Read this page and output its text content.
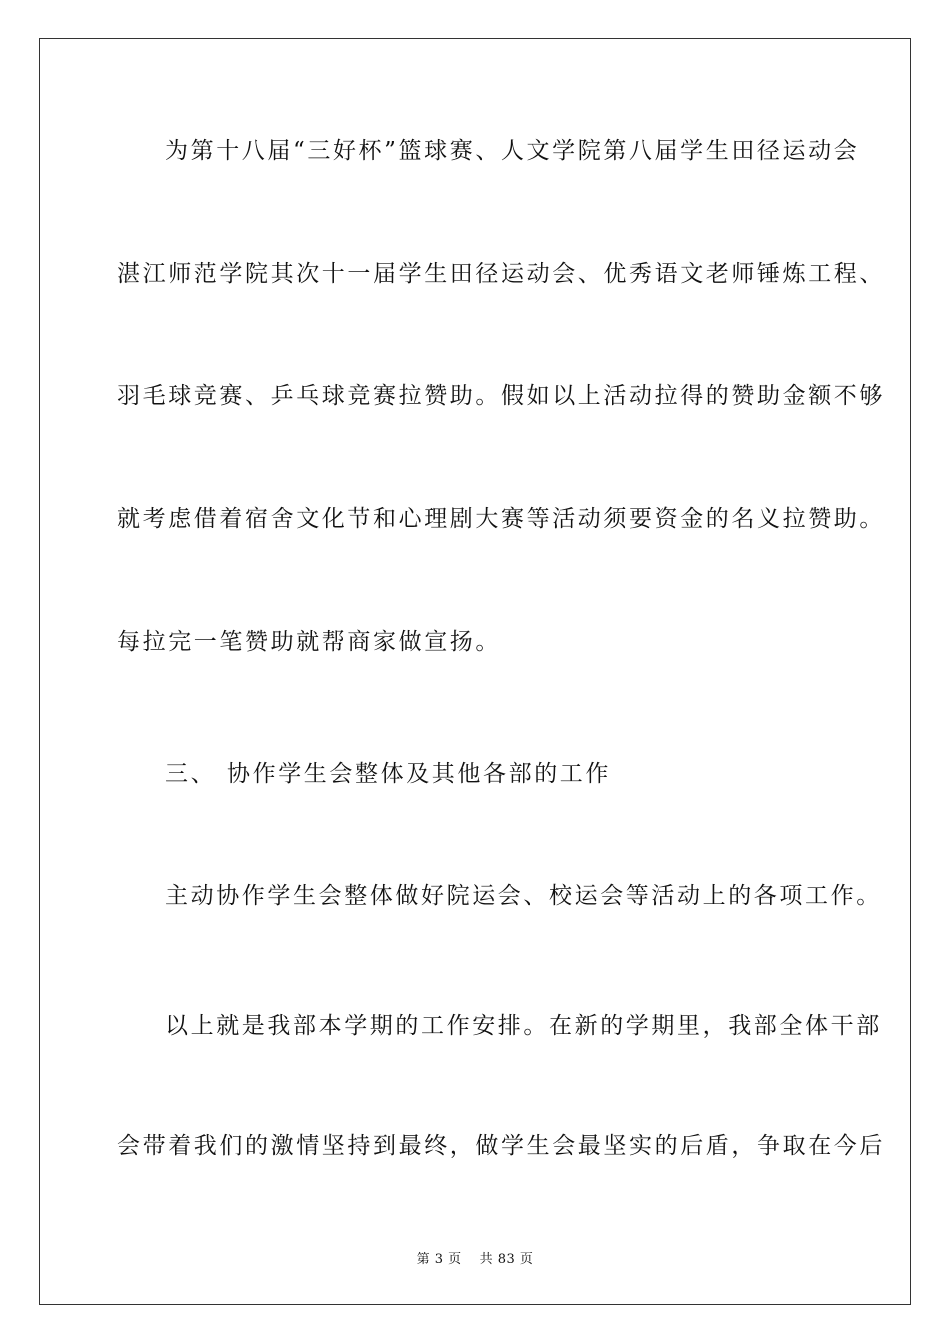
为第十八届“三好杯”篮球赛、人文学院第八届学生田径运动会
湛江师范学院其次十一届学生田径运动会、优秀语文老师锤炼工程、
羽毛球竞赛、乒乓球竞赛拉赞助。假如以上活动拉得的赞助金额不够
就考虑借着宿舍文化节和心理剧大赛等活动须要资金的名义拉赞助。
每拉完一笔赞助就帮商家做宣扬。
三、 协作学生会整体及其他各部的工作
主动协作学生会整体做好院运会、校运会等活动上的各项工作。
以上就是我部本学期的工作安排。在新的学期里，我部全体干部
会带着我们的激情坚持到最终，做学生会最坚实的后盾，争取在今后
第 3 页 共 83 页
